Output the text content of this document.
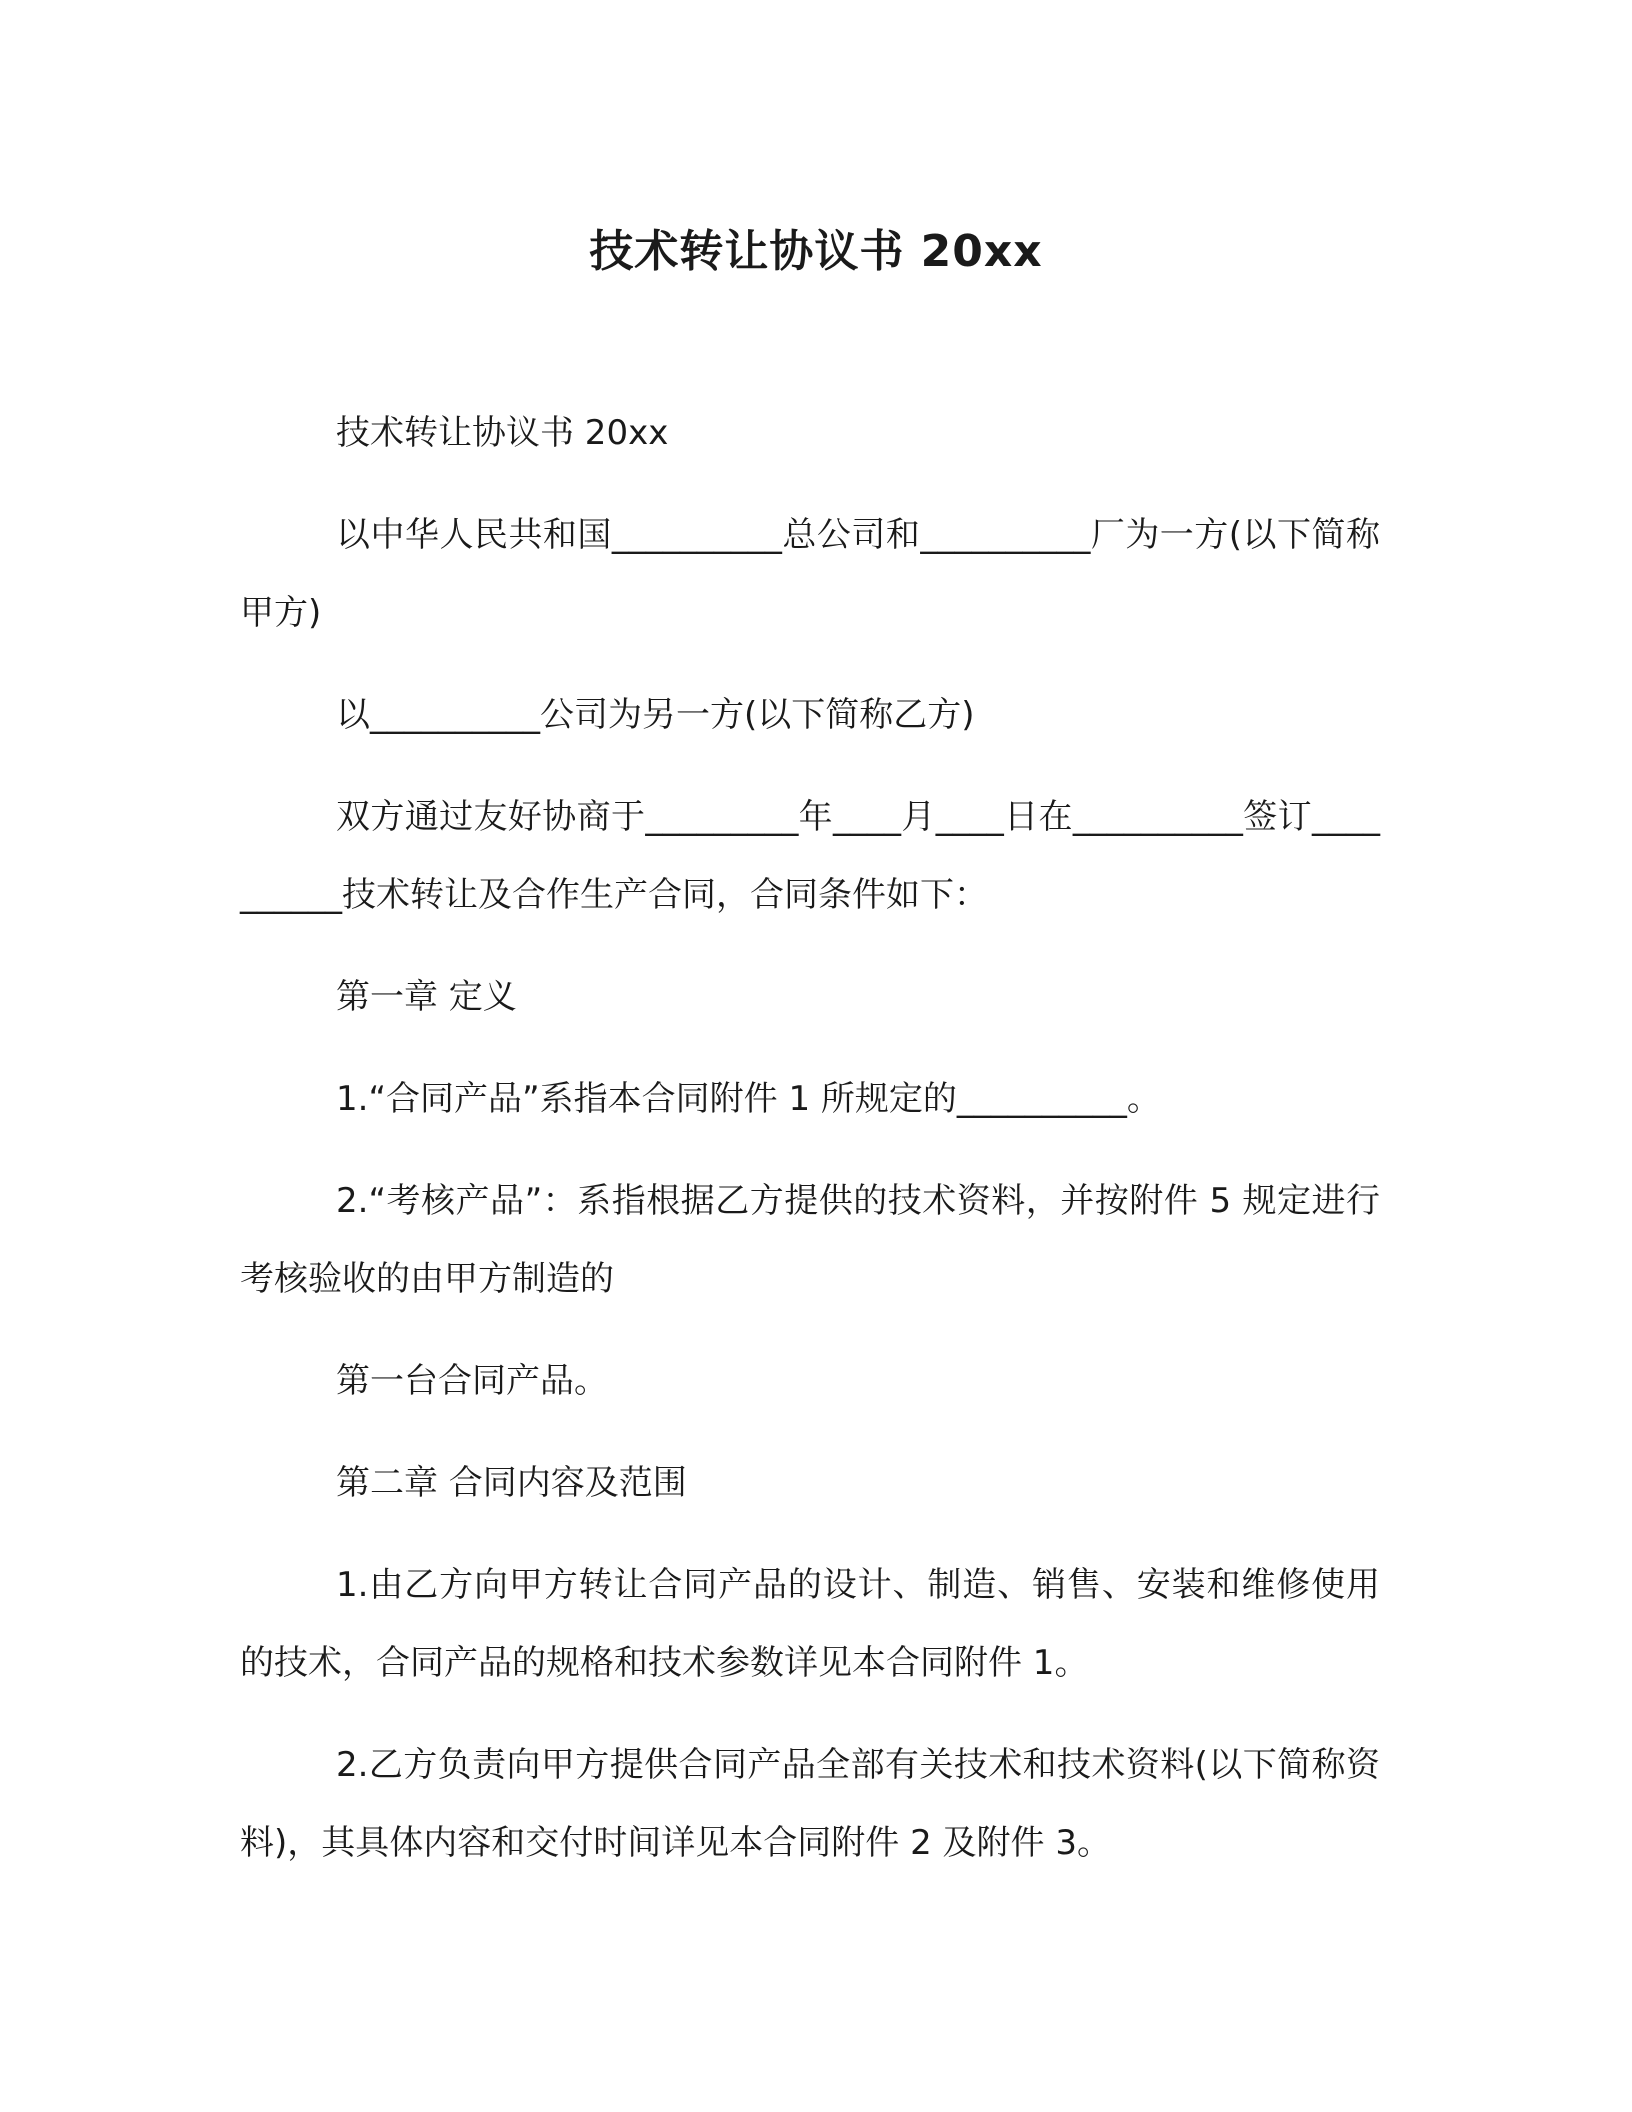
技术转让协议书 20xx

技术转让协议书 20xx

以中华人民共和国__________总公司和__________厂为一方(以下简称甲方)

以__________公司为另一方(以下简称乙方)

双方通过友好协商于_________年____月____日在__________签订__________技术转让及合作生产合同，合同条件如下：

第一章 定义

1.“合同产品”系指本合同附件 1 所规定的__________。

2.“考核产品”：系指根据乙方提供的技术资料，并按附件 5 规定进行考核验收的由甲方制造的

第一台合同产品。

第二章 合同内容及范围

1.由乙方向甲方转让合同产品的设计、制造、销售、安装和维修使用的技术，合同产品的规格和技术参数详见本合同附件 1。

2.乙方负责向甲方提供合同产品全部有关技术和技术资料(以下简称资料)，其具体内容和交付时间详见本合同附件 2 及附件 3。
